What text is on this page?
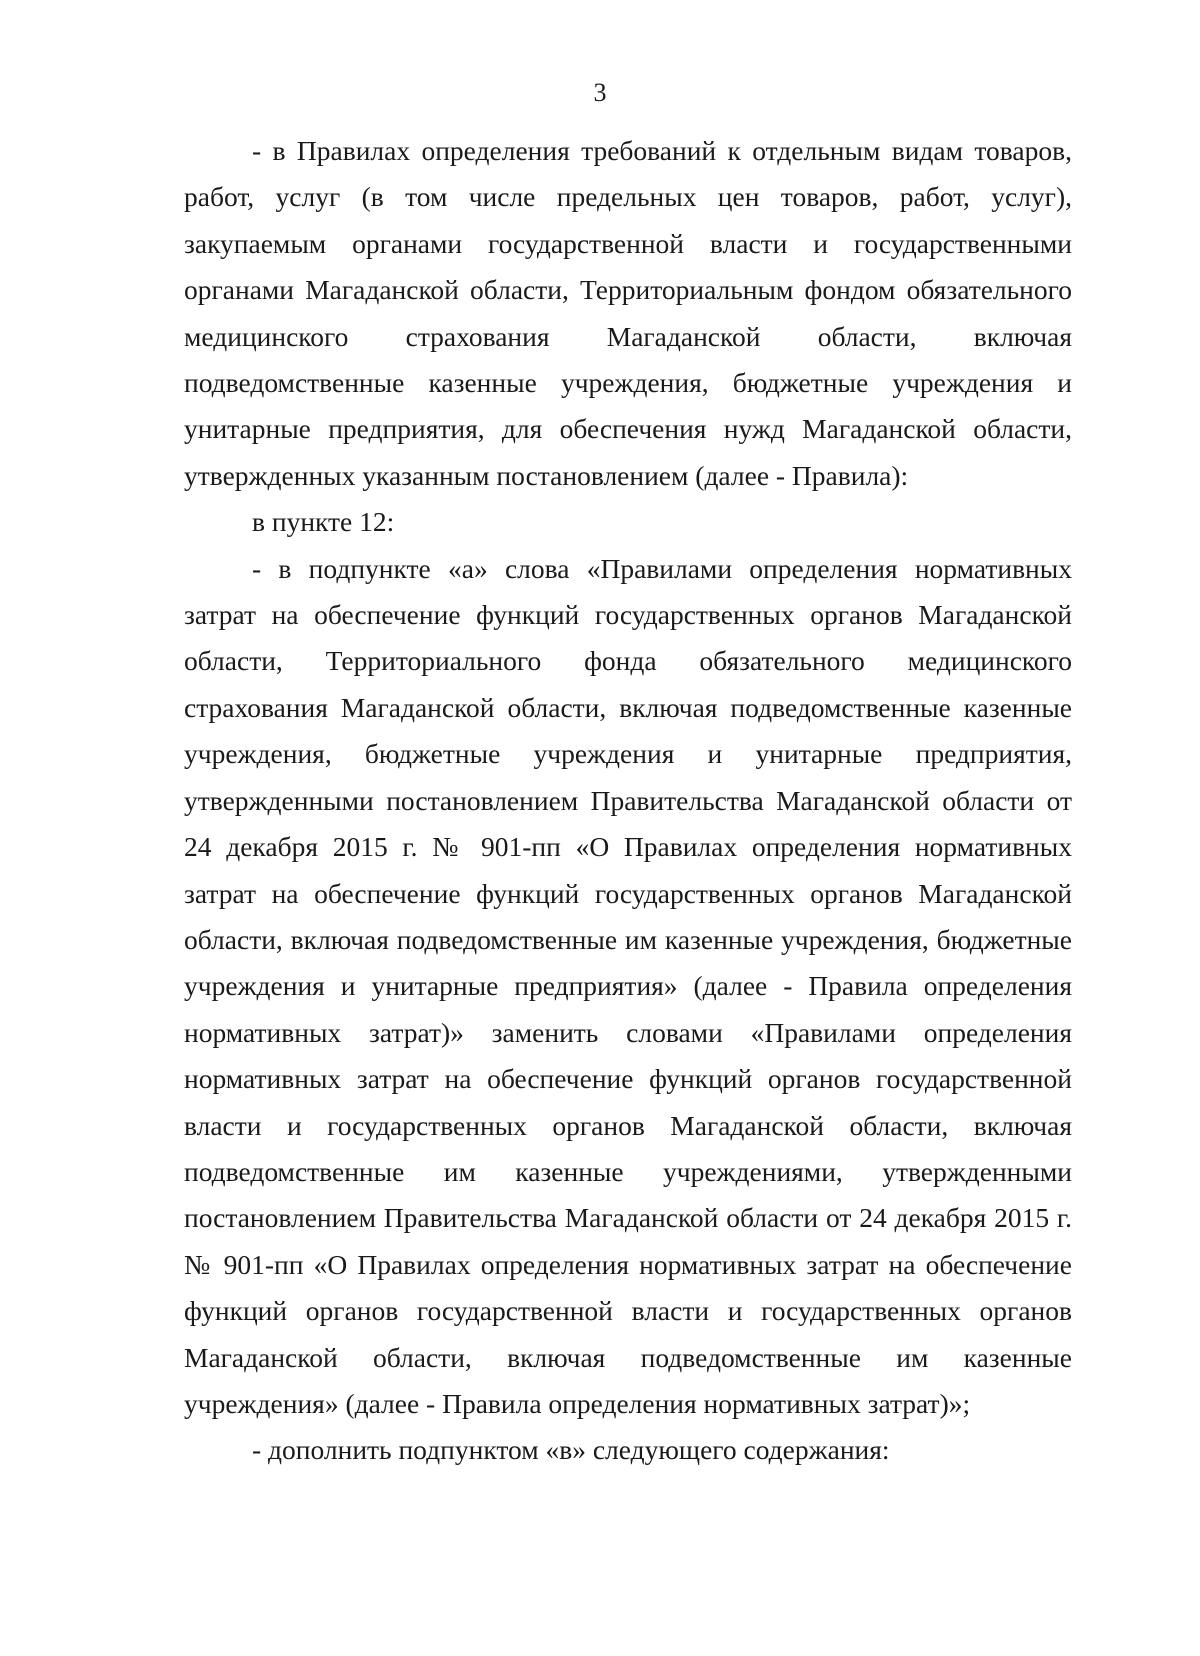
3

- в Правилах определения требований к отдельным видам товаров, работ, услуг (в том числе предельных цен товаров, работ, услуг), закупаемым органами государственной власти и государственными органами Магаданской области, Территориальным фондом обязательного медицинского страхования Магаданской области, включая подведомственные казенные учреждения, бюджетные учреждения и унитарные предприятия, для обеспечения нужд Магаданской области, утвержденных указанным постановлением (далее - Правила):

в пункте 12:

- в подпункте «а» слова «Правилами определения нормативных затрат на обеспечение функций государственных органов Магаданской области, Территориального фонда обязательного медицинского страхования Магаданской области, включая подведомственные казенные учреждения, бюджетные учреждения и унитарные предприятия, утвержденными постановлением Правительства Магаданской области от 24 декабря 2015 г. № 901-пп «О Правилах определения нормативных затрат на обеспечение функций государственных органов Магаданской области, включая подведомственные им казенные учреждения, бюджетные учреждения и унитарные предприятия» (далее - Правила определения нормативных затрат)» заменить словами «Правилами определения нормативных затрат на обеспечение функций органов государственной власти и государственных органов Магаданской области, включая подведомственные им казенные учреждениями, утвержденными постановлением Правительства Магаданской области от 24 декабря 2015 г. № 901-пп «О Правилах определения нормативных затрат на обеспечение функций органов государственной власти и государственных органов Магаданской области, включая подведомственные им казенные учреждения» (далее - Правила определения нормативных затрат)»;

- дополнить подпунктом «в» следующего содержания:
